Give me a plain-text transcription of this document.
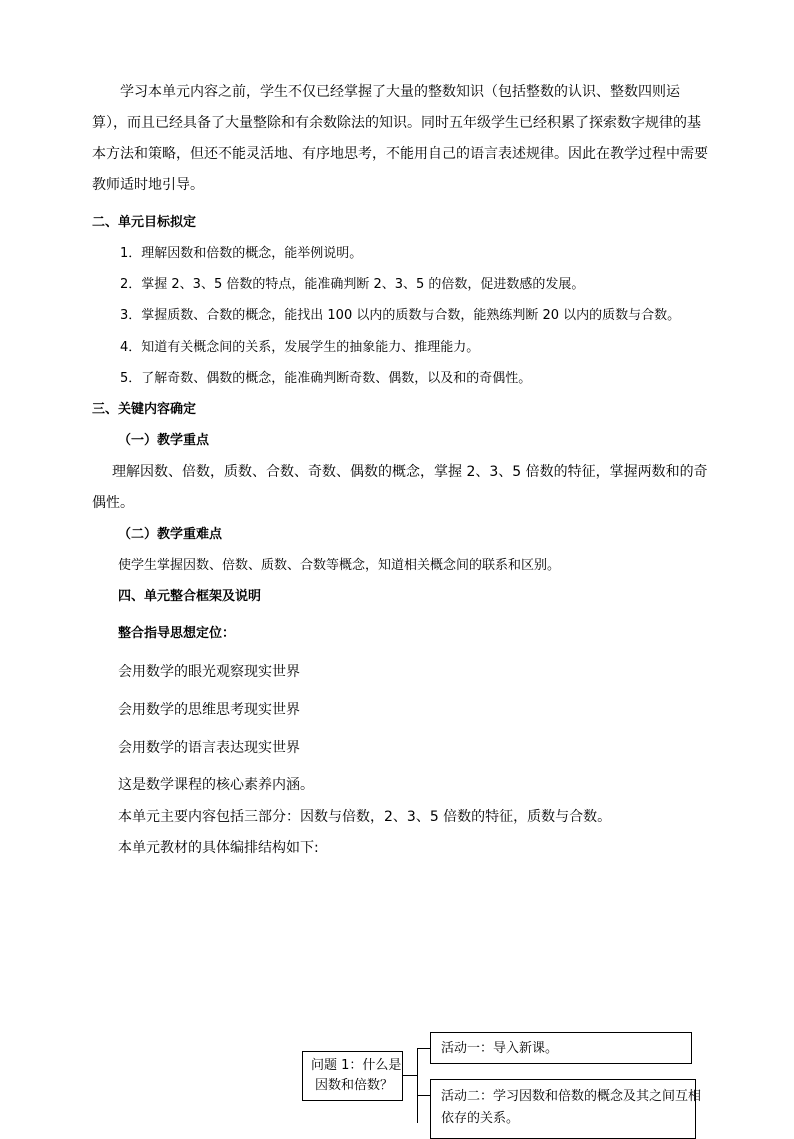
学习本单元内容之前，学生不仅已经掌握了大量的整数知识（包括整数的认识、整数四则运
算），而且已经具备了大量整除和有余数除法的知识。同时五年级学生已经积累了探索数字规律的基
本方法和策略，但还不能灵活地、有序地思考，不能用自己的语言表述规律。因此在教学过程中需要
教师适时地引导。
二、单元目标拟定
1．理解因数和倍数的概念，能举例说明。
2．掌握 2、3、5 倍数的特点，能准确判断 2、3、5 的倍数，促进数感的发展。
3．掌握质数、合数的概念，能找出 100 以内的质数与合数，能熟练判断 20 以内的质数与合数。
4．知道有关概念间的关系，发展学生的抽象能力、推理能力。
5．了解奇数、偶数的概念，能准确判断奇数、偶数，以及和的奇偶性。
三、关键内容确定
（一）教学重点
理解因数、倍数，质数、合数、奇数、偶数的概念，掌握 2、3、5 倍数的特征，掌握两数和的奇
偶性。
（二）教学重难点
使学生掌握因数、倍数、质数、合数等概念，知道相关概念间的联系和区别。
四、单元整合框架及说明
整合指导思想定位：
会用数学的眼光观察现实世界
会用数学的思维思考现实世界
会用数学的语言表达现实世界
这是数学课程的核心素养内涵。
本单元主要内容包括三部分：因数与倍数，2、3、5 倍数的特征，质数与合数。
本单元教材的具体编排结构如下:
问题 1：什么是
因数和倍数？
活动一：导入新课。
活动二：学习因数和倍数的概念及其之间互相
依存的关系。
